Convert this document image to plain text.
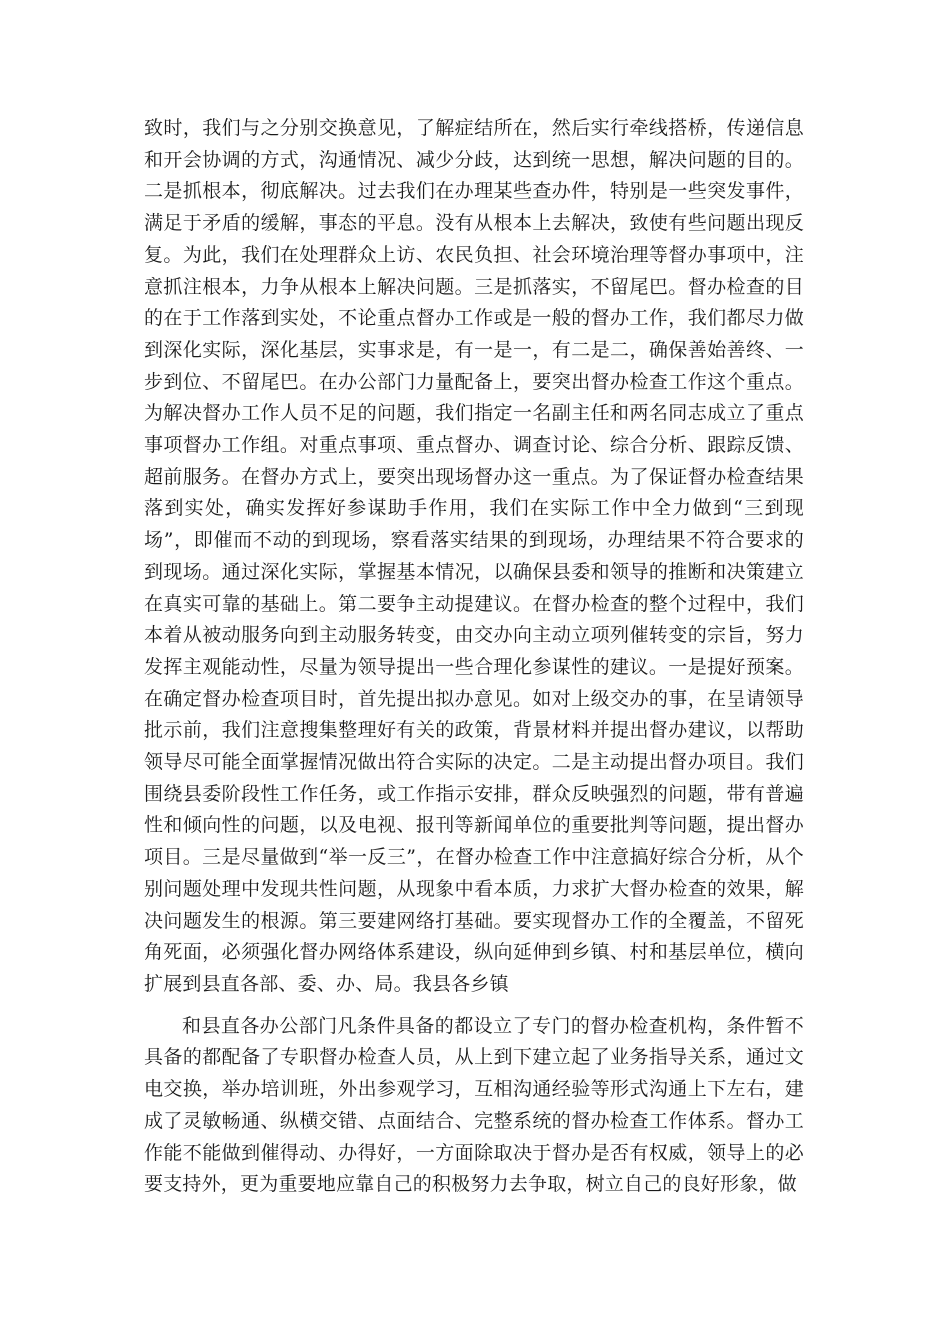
致时，我们与之分别交换意见，了解症结所在，然后实行牵线搭桥，传递信息和开会协调的方式，沟通情况、减少分歧，达到统一思想，解决问题的目的。二是抓根本，彻底解决。过去我们在办理某些查办件，特别是一些突发事件，满足于矛盾的缓解，事态的平息。没有从根本上去解决，致使有些问题出现反复。为此，我们在处理群众上访、农民负担、社会环境治理等督办事项中，注意抓注根本，力争从根本上解决问题。三是抓落实，不留尾巴。督办检查的目的在于工作落到实处，不论重点督办工作或是一般的督办工作，我们都尽力做到深化实际，深化基层，实事求是，有一是一，有二是二，确保善始善终、一步到位、不留尾巴。在办公部门力量配备上，要突出督办检查工作这个重点。为解决督办工作人员不足的问题，我们指定一名副主任和两名同志成立了重点事项督办工作组。对重点事项、重点督办、调查讨论、综合分析、跟踪反馈、超前服务。在督办方式上，要突出现场督办这一重点。为了保证督办检查结果落到实处，确实发挥好参谋助手作用，我们在实际工作中全力做到“三到现场”，即催而不动的到现场，察看落实结果的到现场，办理结果不符合要求的到现场。通过深化实际，掌握基本情况，以确保县委和领导的推断和决策建立在真实可靠的基础上。第二要争主动提建议。在督办检查的整个过程中，我们本着从被动服务向到主动服务转变，由交办向主动立项列催转变的宗旨，努力发挥主观能动性，尽量为领导提出一些合理化参谋性的建议。一是提好预案。在确定督办检查项目时，首先提出拟办意见。如对上级交办的事，在呈请领导批示前，我们注意搜集整理好有关的政策，背景材料并提出督办建议，以帮助领导尽可能全面掌握情况做出符合实际的决定。二是主动提出督办项目。我们围绕县委阶段性工作任务，或工作指示安排，群众反映强烈的问题，带有普遍性和倾向性的问题，以及电视、报刊等新闻单位的重要批判等问题，提出督办项目。三是尽量做到“举一反三”，在督办检查工作中注意搞好综合分析，从个别问题处理中发现共性问题，从现象中看本质，力求扩大督办检查的效果，解决问题发生的根源。第三要建网络打基础。要实现督办工作的全覆盖，不留死角死面，必须强化督办网络体系建设，纵向延伸到乡镇、村和基层单位，横向扩展到县直各部、委、办、局。我县各乡镇

和县直各办公部门凡条件具备的都设立了专门的督办检查机构，条件暂不具备的都配备了专职督办检查人员，从上到下建立起了业务指导关系，通过文电交换，举办培训班，外出参观学习，互相沟通经验等形式沟通上下左右，建成了灵敏畅通、纵横交错、点面结合、完整系统的督办检查工作体系。督办工作能不能做到催得动、办得好，一方面除取决于督办是否有权威，领导上的必要支持外，更为重要地应靠自己的积极努力去争取，树立自己的良好形象，做
